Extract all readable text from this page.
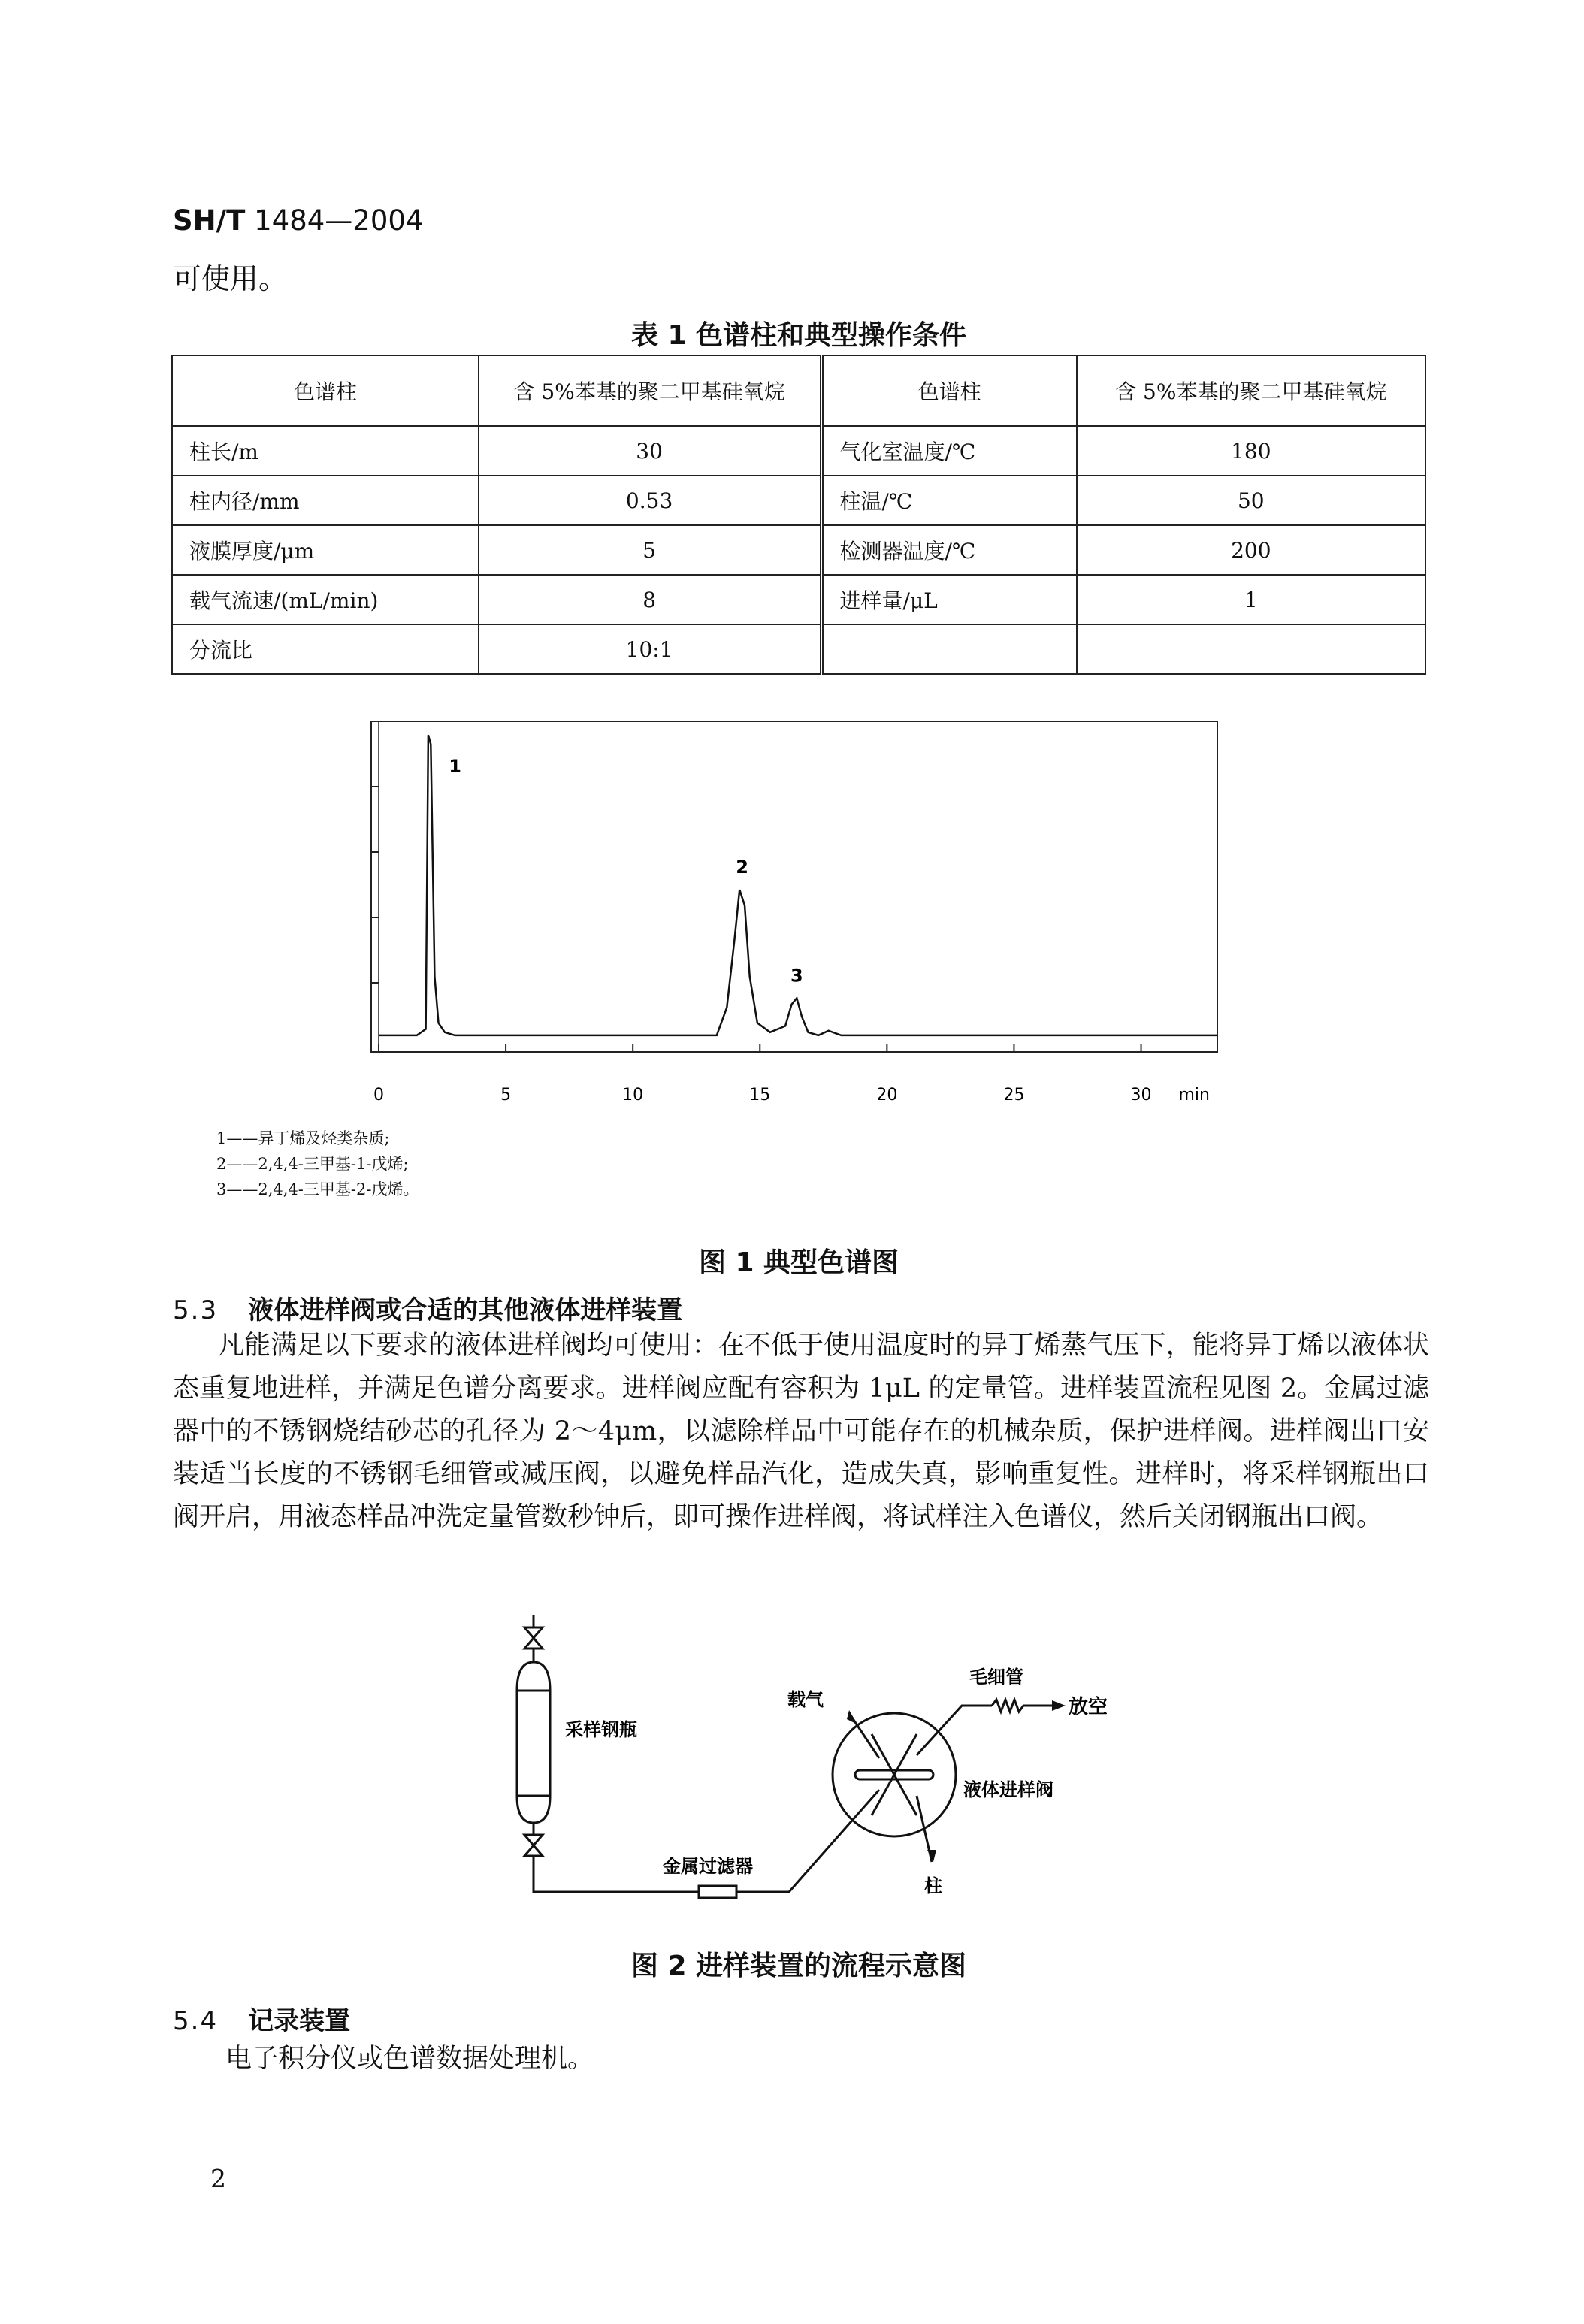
SH/T 1484—2004
可使用。
表 1 色谱柱和典型操作条件
色谱柱	含 5%苯基的聚二甲基硅氧烷	色谱柱	含 5%苯基的聚二甲基硅氧烷
柱长/m	30	气化室温度/℃	180
柱内径/mm	0.53	柱温/℃	50
液膜厚度/μm	5	检测器温度/℃	200
载气流速/(mL/min)	8	进样量/μL	1
分流比	10:1		
0	5	10	15	20	25	30
1
2
3
min
1——异丁烯及烃类杂质;
2——2,4,4-三甲基-1-戊烯;
3——2,4,4-三甲基-2-戊烯。
图 1 典型色谱图
5.3 液体进样阀或合适的其他液体进样装置
凡能满足以下要求的液体进样阀均可使用：在不低于使用温度时的异丁烯蒸气压下，能将异丁烯以液体状态重复地进样，并满足色谱分离要求。进样阀应配有容积为 1μL 的定量管。进样装置流程见图 2。金属过滤器中的不锈钢烧结砂芯的孔径为 2～4μm，以滤除样品中可能存在的机械杂质，保护进样阀。进样阀出口安装适当长度的不锈钢毛细管或减压阀，以避免样品汽化，造成失真，影响重复性。进样时，将采样钢瓶出口阀开启，用液态样品冲洗定量管数秒钟后，即可操作进样阀，将试样注入色谱仪，然后关闭钢瓶出口阀。
采样钢瓶
载气
毛细管
放空
液体进样阀
金属过滤器
柱
图 2 进样装置的流程示意图
5.4 记录装置
电子积分仪或色谱数据处理机。
2
